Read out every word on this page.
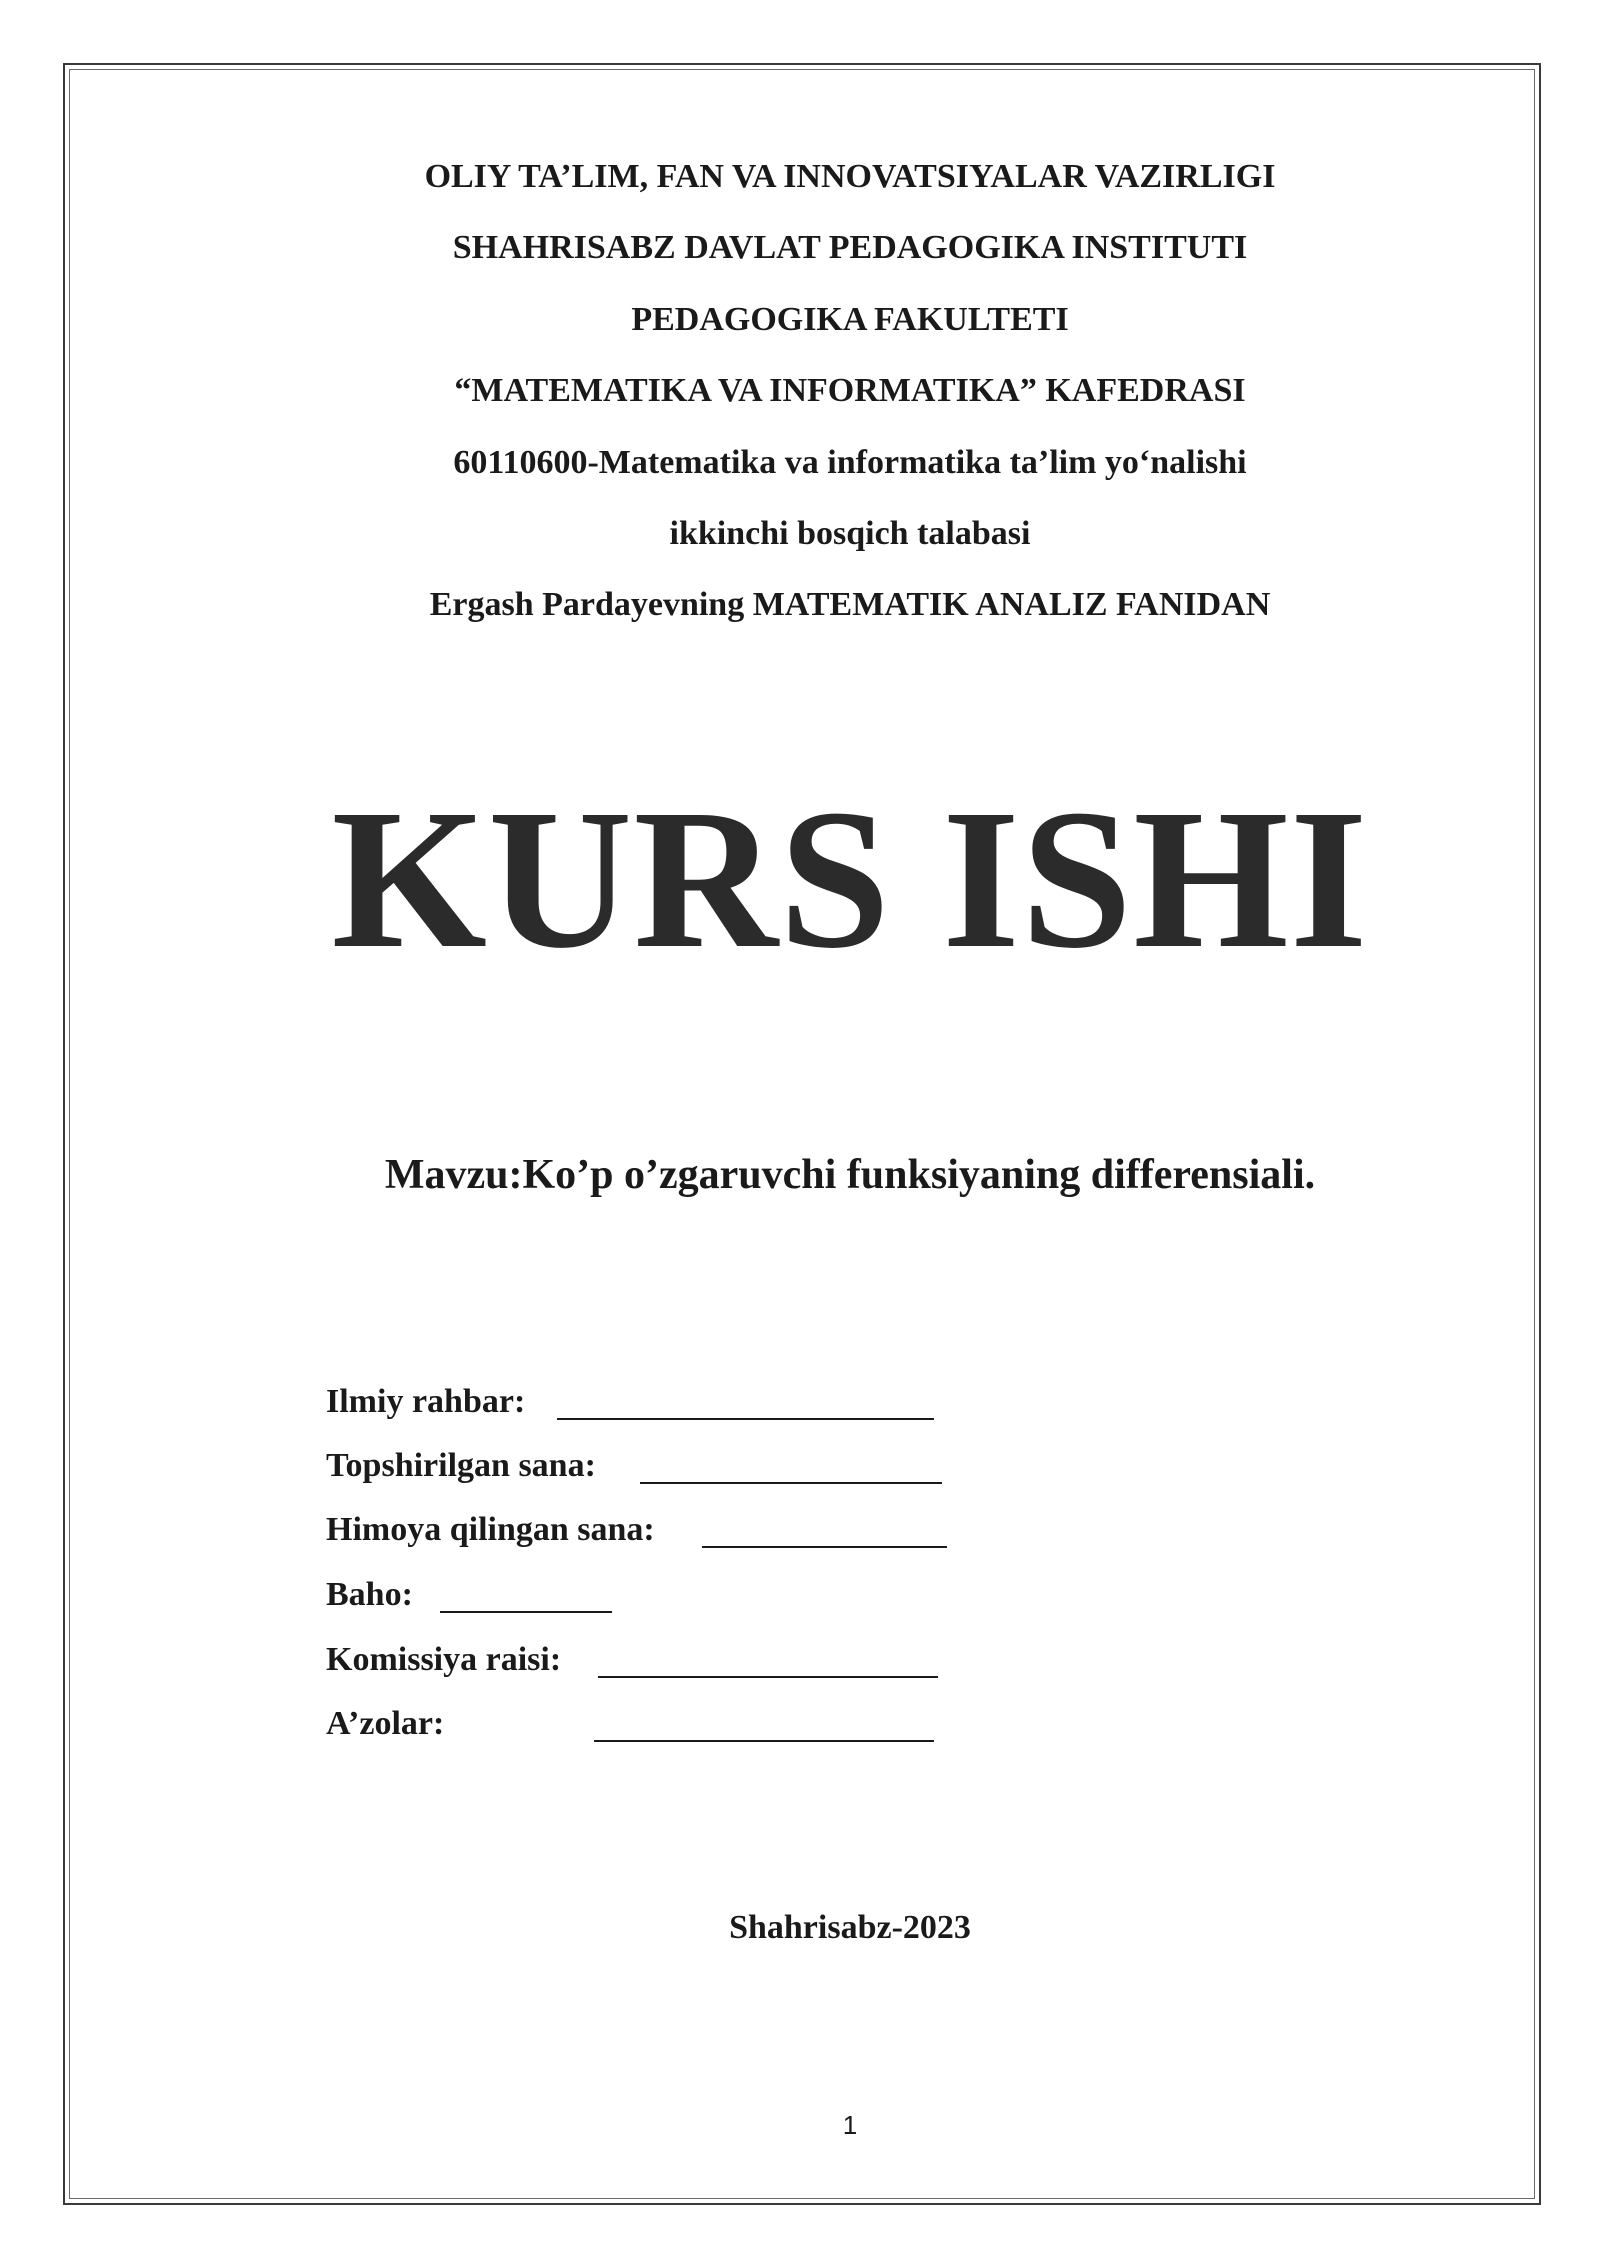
OLIY TA’LIM, FAN VA INNOVATSIYALAR VAZIRLIGI
SHAHRISABZ DAVLAT PEDAGOGIKA INSTITUTI
PEDAGOGIKA FAKULTETI
“MATEMATIKA VA INFORMATIKA” KAFEDRASI
60110600-Matematika va informatika ta’lim yo‘nalishi
ikkinchi bosqich talabasi
Ergash Pardayevning MATEMATIK ANALIZ FANIDAN
KURS ISHI
Mavzu:Ko’p o’zgaruvchi funksiyaning differensiali.
Ilmiy rahbar:
Topshirilgan sana:
Himoya qilingan sana:
Baho:
Komissiya raisi:
A’zolar:
Shahrisabz-2023
1
